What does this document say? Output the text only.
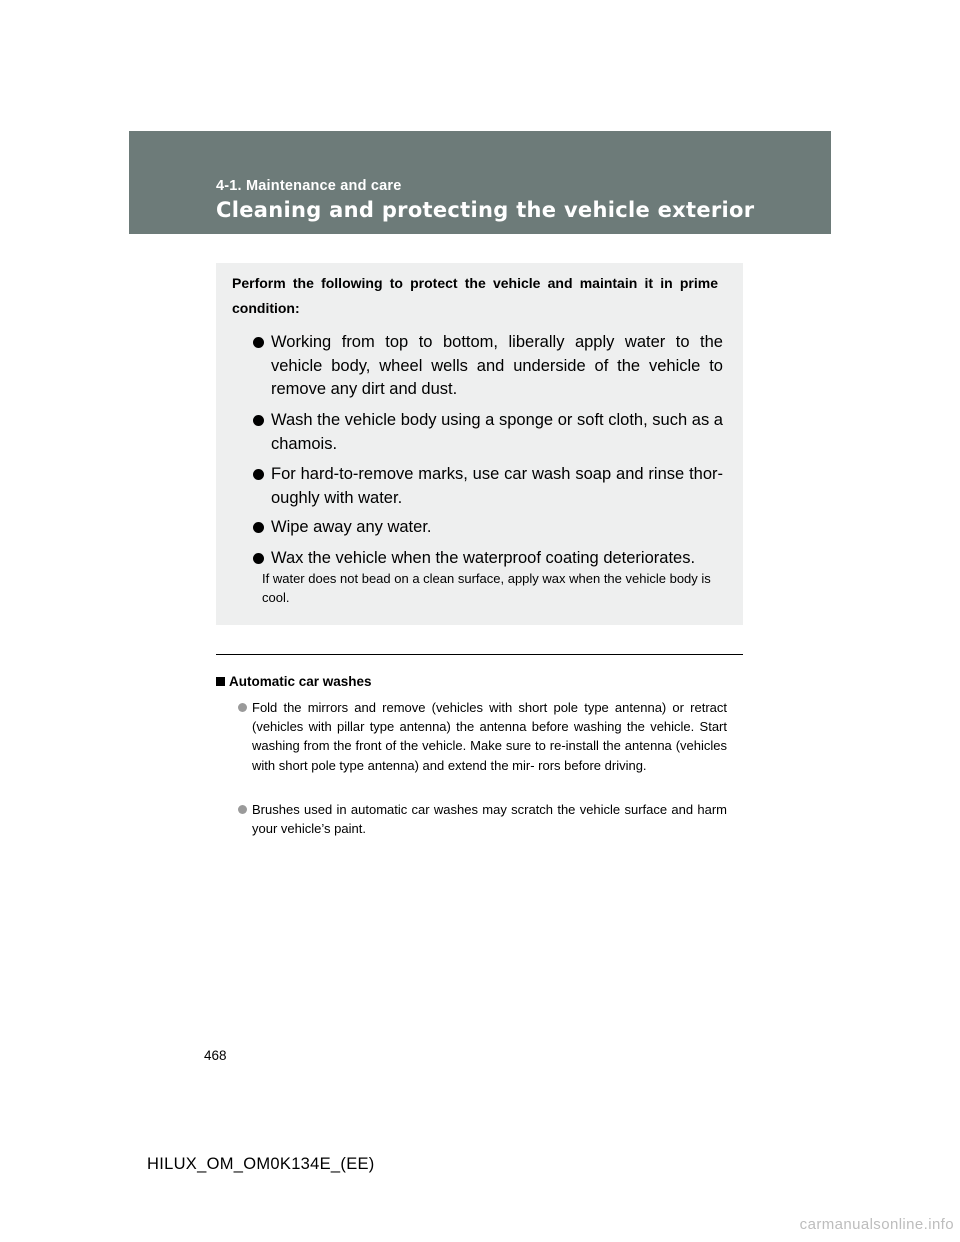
4-1. Maintenance and care
Cleaning and protecting the vehicle exterior
Perform the following to protect the vehicle and maintain it in prime condition:
Working from top to bottom, liberally apply water to the vehicle body, wheel wells and underside of the vehicle to remove any dirt and dust.
Wash the vehicle body using a sponge or soft cloth, such as a chamois.
For hard-to-remove marks, use car wash soap and rinse thor- oughly with water.
Wipe away any water.
Wax the vehicle when the waterproof coating deteriorates.
If water does not bead on a clean surface, apply wax when the vehicle body is cool.
Automatic car washes
Fold the mirrors and remove (vehicles with short pole type antenna) or retract (vehicles with pillar type antenna) the antenna before washing the vehicle. Start washing from the front of the vehicle. Make sure to re-install the antenna (vehicles with short pole type antenna) and extend the mir- rors before driving.
Brushes used in automatic car washes may scratch the vehicle surface and harm your vehicle’s paint.
468
HILUX_OM_OM0K134E_(EE)
carmanualsonline.info
